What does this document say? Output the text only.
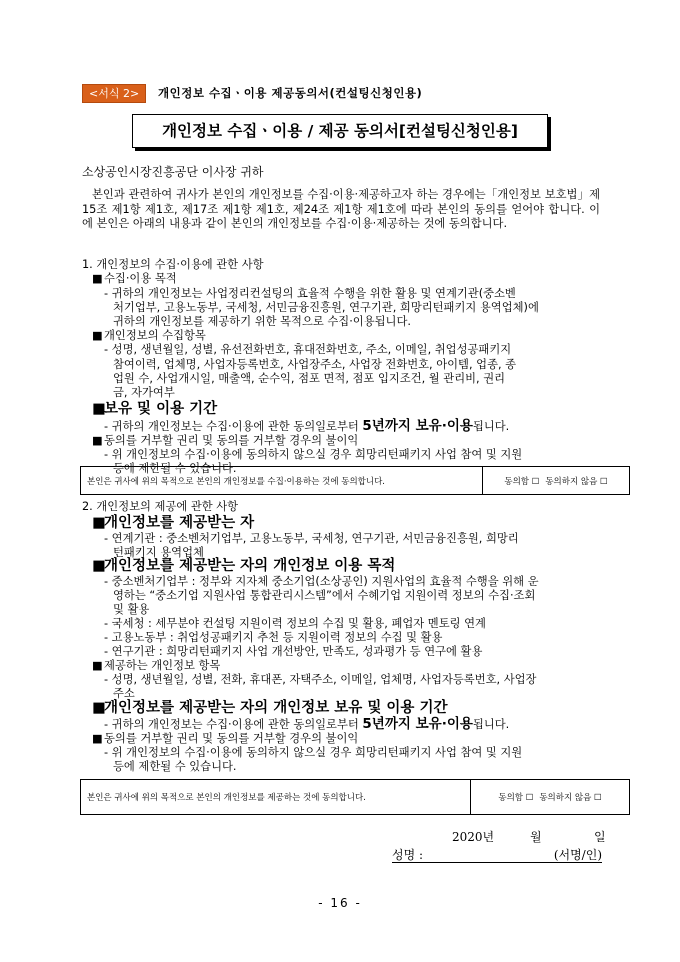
<서식 2>	개인정보 수집ㆍ이용 제공동의서(컨설팅신청인용)
개인정보 수집ㆍ이용 / 제공 동의서[컨설팅신청인용]
소상공인시장진흥공단 이사장 귀하
본인과 관련하여 귀사가 본인의 개인정보를 수집·이용·제공하고자 하는 경우에는「개인정보 보호법」제15조 제1항 제1호, 제17조 제1항 제1호, 제24조 제1항 제1호에 따라 본인의 동의를 얻어야 합니다. 이에 본인은 아래의 내용과 같이 본인의 개인정보를 수집·이용·제공하는 것에 동의합니다.
1. 개인정보의 수집·이용에 관한 사항
■수집·이용 목적
- 귀하의 개인정보는 사업정리컨설팅의 효율적 수행을 위한 활용 및 연계기관(중소벤
처기업부, 고용노동부, 국세청, 서민금융진흥원, 연구기관, 희망리턴패키지 용역업체)에
귀하의 개인정보를 제공하기 위한 목적으로 수집·이용됩니다.
■개인정보의 수집항목
- 성명, 생년월일, 성별, 유선전화번호, 휴대전화번호, 주소, 이메일, 취업성공패키지
참여이력, 업체명, 사업자등록번호, 사업장주소, 사업장 전화번호, 아이템, 업종, 종
업원 수, 사업개시일, 매출액, 순수익, 점포 면적, 점포 입지조건, 월 관리비, 권리
금, 자가여부
■보유 및 이용 기간
- 귀하의 개인정보는 수집·이용에 관한 동의일로부터 5년까지 보유·이용됩니다.
■동의를 거부할 권리 및 동의를 거부할 경우의 불이익
- 위 개인정보의 수집·이용에 동의하지 않으실 경우 희망리턴패키지 사업 참여 및 지원
등에 제한될 수 있습니다.
본인은 귀사에 위의 목적으로 본인의 개인정보를 수집·이용하는 것에 동의합니다.	동의함 ☐ 동의하지 않음 ☐
2. 개인정보의 제공에 관한 사항
■개인정보를 제공받는 자
- 연계기관 : 중소벤처기업부, 고용노동부, 국세청, 연구기관, 서민금융진흥원, 희망리
턴패키지 용역업체
■개인정보를 제공받는 자의 개인정보 이용 목적
- 중소벤처기업부 : 정부와 지자체 중소기업(소상공인) 지원사업의 효율적 수행을 위해 운
영하는 “중소기업 지원사업 통합관리시스템”에서 수혜기업 지원이력 정보의 수집·조회
및 활용
- 국세청 : 세무분야 컨설팅 지원이력 정보의 수집 및 활용, 폐업자 멘토링 연계
- 고용노동부 : 취업성공패키지 추천 등 지원이력 정보의 수집 및 활용
- 연구기관 : 희망리턴패키지 사업 개선방안, 만족도, 성과평가 등 연구에 활용
■제공하는 개인정보 항목
- 성명, 생년월일, 성별, 전화, 휴대폰, 자택주소, 이메일, 업체명, 사업자등록번호, 사업장
주소
■개인정보를 제공받는 자의 개인정보 보유 및 이용 기간
- 귀하의 개인정보는 수집·이용에 관한 동의일로부터 5년까지 보유·이용됩니다.
■동의를 거부할 권리 및 동의를 거부할 경우의 불이익
- 위 개인정보의 수집·이용에 동의하지 않으실 경우 희망리턴패키지 사업 참여 및 지원
등에 제한될 수 있습니다.
본인은 귀사에 위의 목적으로 본인의 개인정보를 제공하는 것에 동의합니다.	동의함 ☐ 동의하지 않음 ☐
2020년	월	일
성명 :	(서명/인)
- 16 -
